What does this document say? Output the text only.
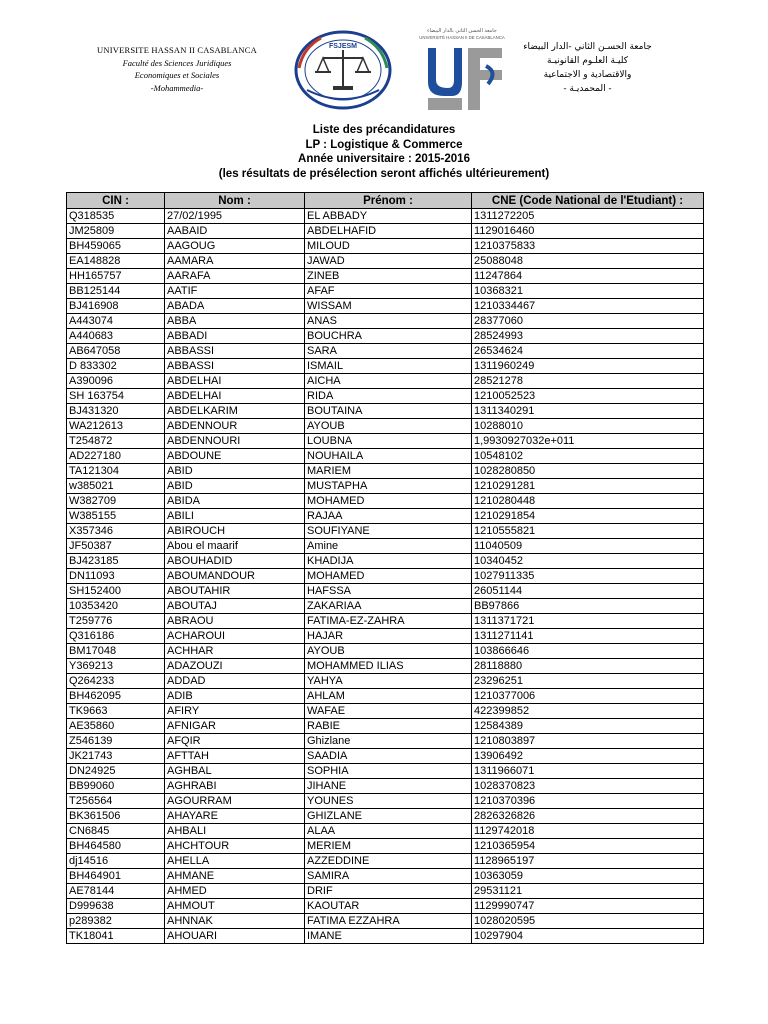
UNIVERSITE HASSAN II CASABLANCA
Faculté des Sciences Juridiques
Economiques et Sociales
-Mohammedia-
FSJESM
جامعة الحسن الثاني بالدار البيضاء
UNIVERSITÉ HASSAN II DE CASABLANCA
جامعة الحسـن الثاني -الدار البيضاء
كليـة العلـوم القانونيـة
والاقتصادية و الاجتماعية
- المحمديـة -
Liste des précandidatures
LP : Logistique & Commerce
Année universitaire : 2015-2016
(les résultats de présélection seront affichés ultérieurement)
CIN :	Nom :	Prénom :	CNE (Code National de l'Etudiant) :
Q318535	27/02/1995	EL ABBADY	1311272205
JM25809	AABAID	ABDELHAFID	1129016460
BH459065	AAGOUG	MILOUD	1210375833
EA148828	AAMARA	JAWAD	25088048
HH165757	AARAFA	ZINEB	11247864
BB125144	AATIF	AFAF	10368321
BJ416908	ABADA	WISSAM	1210334467
A443074	ABBA	ANAS	28377060
A440683	ABBADI	BOUCHRA	28524993
AB647058	ABBASSI	SARA	26534624
D 833302	ABBASSI	ISMAIL	1311960249
A390096	ABDELHAI	AICHA	28521278
SH 163754	ABDELHAI	RIDA	1210052523
BJ431320	ABDELKARIM	BOUTAINA	1311340291
WA212613	ABDENNOUR	AYOUB	10288010
T254872	ABDENNOURI	LOUBNA	1,9930927032e+011
AD227180	ABDOUNE	NOUHAILA	10548102
TA121304	ABID	MARIEM	1028280850
w385021	ABID	MUSTAPHA	1210291281
W382709	ABIDA	MOHAMED	1210280448
W385155	ABILI	RAJAA	1210291854
X357346	ABIROUCH	SOUFIYANE	1210555821
JF50387	Abou el maarif	Amine	11040509
BJ423185	ABOUHADID	KHADIJA	10340452
DN11093	ABOUMANDOUR	MOHAMED	1027911335
SH152400	ABOUTAHIR	HAFSSA	26051144
10353420	ABOUTAJ	ZAKARIAA	BB97866
T259776	ABRAOU	FATIMA-EZ-ZAHRA	1311371721
Q316186	ACHAROUI	HAJAR	1311271141
BM17048	ACHHAR	AYOUB	103866646
Y369213	ADAZOUZI	MOHAMMED ILIAS	28118880
Q264233	ADDAD	YAHYA	23296251
BH462095	ADIB	AHLAM	1210377006
TK9663	AFIRY	WAFAE	422399852
AE35860	AFNIGAR	RABIE	12584389
Z546139	AFQIR	Ghizlane	1210803897
JK21743	AFTTAH	SAADIA	13906492
DN24925	AGHBAL	SOPHIA	1311966071
BB99060	AGHRABI	JIHANE	1028370823
T256564	AGOURRAM	YOUNES	1210370396
BK361506	AHAYARE	GHIZLANE	2826326826
CN6845	AHBALI	ALAA	1129742018
BH464580	AHCHTOUR	MERIEM	1210365954
dj14516	AHELLA	AZZEDDINE	1128965197
BH464901	AHMANE	SAMIRA	10363059
AE78144	AHMED	DRIF	29531121
D999638	AHMOUT	KAOUTAR	1129990747
p289382	AHNNAK	FATIMA EZZAHRA	1028020595
TK18041	AHOUARI	IMANE	10297904
